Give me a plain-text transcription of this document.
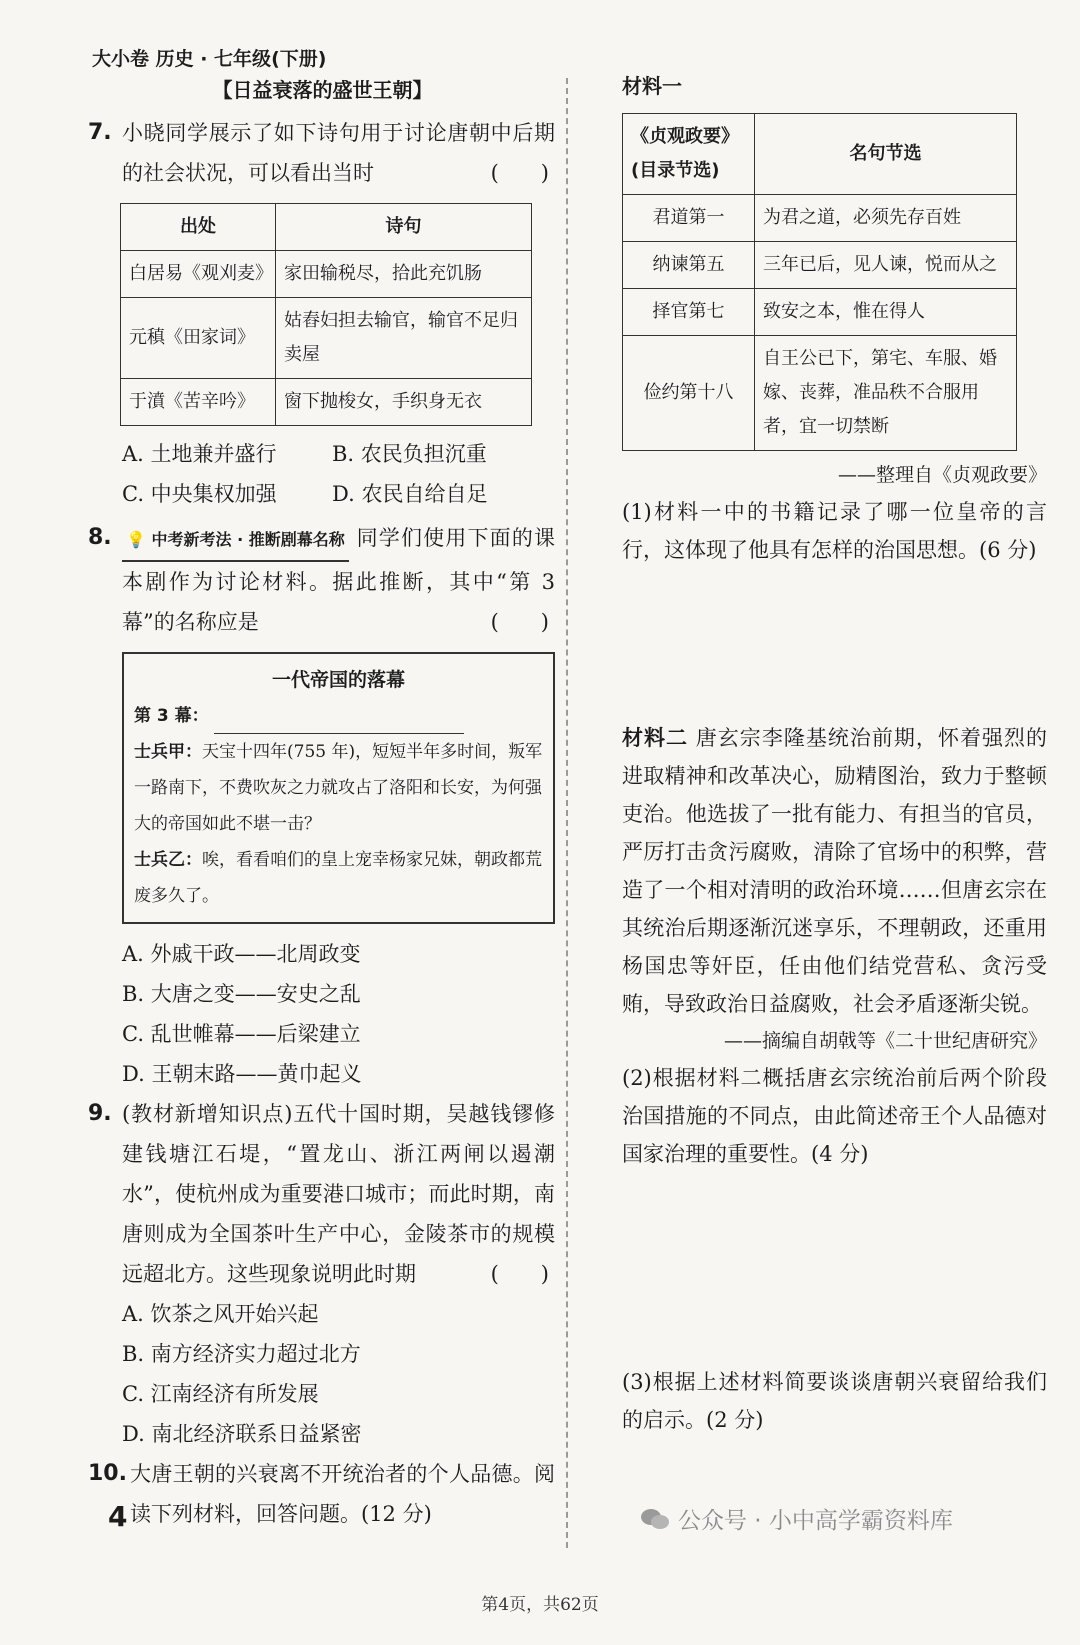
大小卷 历史 · 七年级(下册)
【日益衰落的盛世王朝】
7. 小晓同学展示了如下诗句用于讨论唐朝中后期的社会状况，可以看出当时	(　　)
出处	诗句
白居易《观刈麦》	家田输税尽，拾此充饥肠
元稹《田家词》	姑舂妇担去输官，输官不足归卖屋
于濆《苦辛吟》	窗下抛梭女，手织身无衣
A. 土地兼并盛行	B. 农民负担沉重
C. 中央集权加强	D. 农民自给自足
8. 💡 中考新考法 · 推断剧幕名称 同学们使用下面的课本剧作为讨论材料。据此推断，其中“第 3 幕”的名称应是	(　　)
一代帝国的落幕
第 3 幕：
士兵甲：天宝十四年(755 年)，短短半年多时间，叛军一路南下，不费吹灰之力就攻占了洛阳和长安，为何强大的帝国如此不堪一击？
士兵乙：唉，看看咱们的皇上宠幸杨家兄妹，朝政都荒废多久了。
A. 外戚干政——北周政变
B. 大唐之变——安史之乱
C. 乱世帷幕——后梁建立
D. 王朝末路——黄巾起义
9. (教材新增知识点)五代十国时期，吴越钱镠修建钱塘江石堤，“置龙山、浙江两闸以遏潮水”，使杭州成为重要港口城市；而此时期，南唐则成为全国茶叶生产中心，金陵茶市的规模远超北方。这些现象说明此时期	(　　)
A. 饮茶之风开始兴起
B. 南方经济实力超过北方
C. 江南经济有所发展
D. 南北经济联系日益紧密
10. 大唐王朝的兴衰离不开统治者的个人品德。阅读下列材料，回答问题。(12 分)
材料一
《贞观政要》(目录节选)	名句节选
君道第一	为君之道，必须先存百姓
纳谏第五	三年已后，见人谏，悦而从之
择官第七	致安之本，惟在得人
俭约第十八	自王公已下，第宅、车服、婚嫁、丧葬，准品秩不合服用者，宜一切禁断
——整理自《贞观政要》
(1)材料一中的书籍记录了哪一位皇帝的言行，这体现了他具有怎样的治国思想。(6 分)
材料二 唐玄宗李隆基统治前期，怀着强烈的进取精神和改革决心，励精图治，致力于整顿吏治。他选拔了一批有能力、有担当的官员，严厉打击贪污腐败，清除了官场中的积弊，营造了一个相对清明的政治环境……但唐玄宗在其统治后期逐渐沉迷享乐，不理朝政，还重用杨国忠等奸臣，任由他们结党营私、贪污受贿，导致政治日益腐败，社会矛盾逐渐尖锐。
——摘编自胡戟等《二十世纪唐研究》
(2)根据材料二概括唐玄宗统治前后两个阶段治国措施的不同点，由此简述帝王个人品德对国家治理的重要性。(4 分)
(3)根据上述材料简要谈谈唐朝兴衰留给我们的启示。(2 分)
4	公众号 · 小中高学霸资料库
第4页，共62页
